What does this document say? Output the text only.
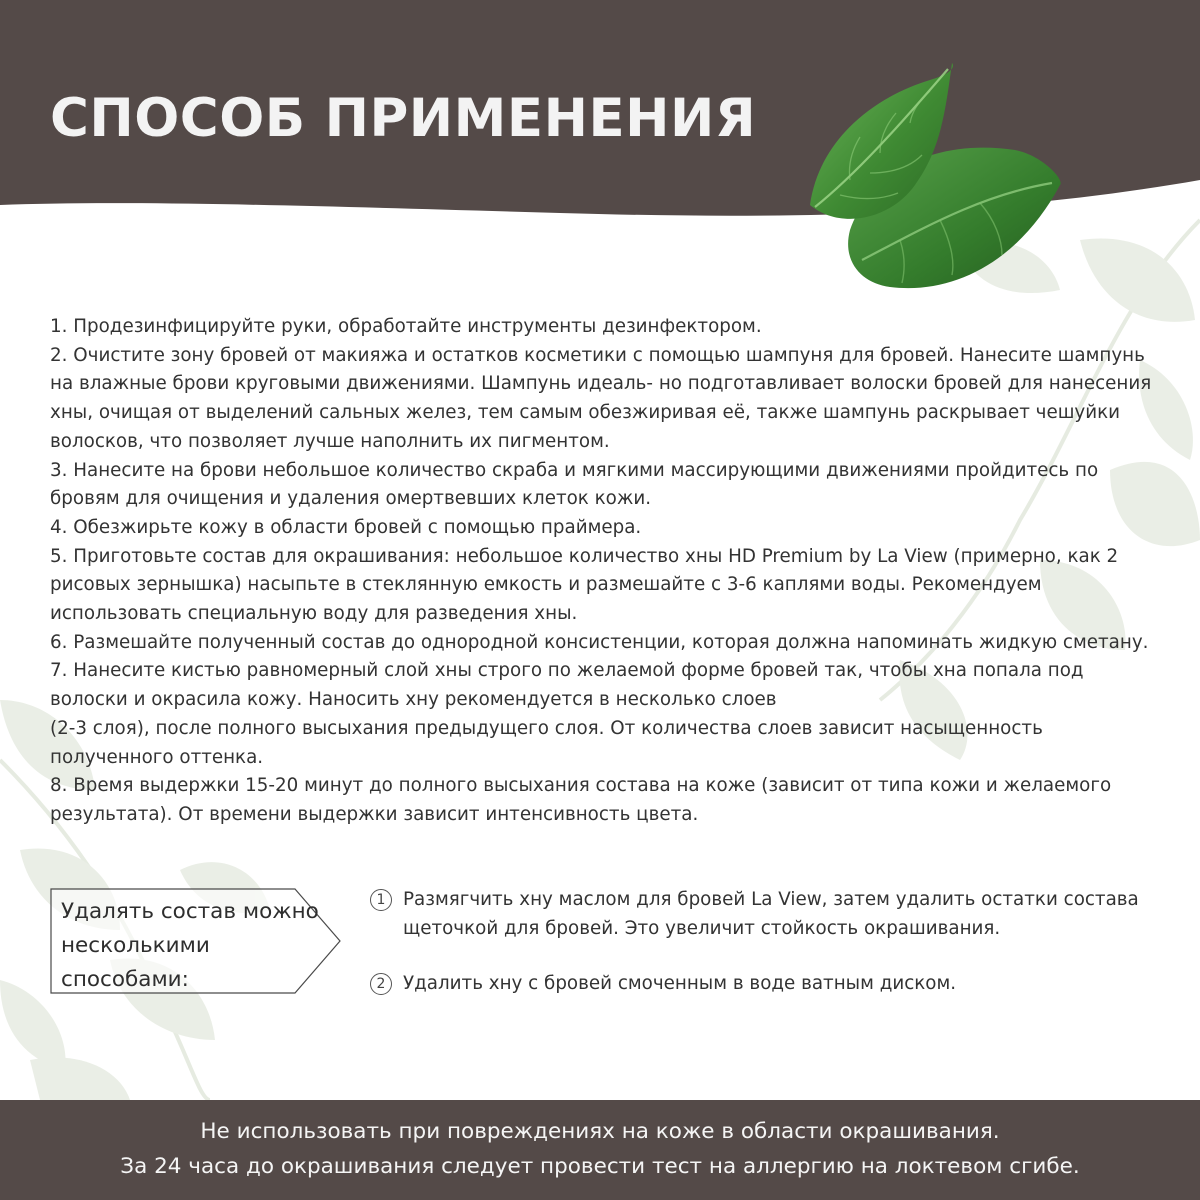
СПОСОБ ПРИМЕНЕНИЯ

1. Продезинфицируйте руки, обработайте инструменты дезинфектором.

2. Очистите зону бровей от макияжа и остатков косметики с помощью шампуня для бровей. Нанесите шампунь на влажные брови круговыми движениями. Шампунь идеаль- но подготавливает волоски бровей для нанесения хны, очищая от выделений сальных желез, тем самым обезжиривая её, также шампунь раскрывает чешуйки волосков, что позволяет лучше наполнить их пигментом.

3. Нанесите на брови небольшое количество скраба и мягкими массирующими движениями пройдитесь по бровям для очищения и удаления омертвевших клеток кожи.

4. Обезжирьте кожу в области бровей с помощью праймера.

5. Приготовьте состав для окрашивания: небольшое количество хны HD Premium by La View (примерно, как 2 рисовых зернышка) насыпьте в стеклянную емкость и размешайте с 3-6 каплями воды. Рекомендуем использовать специальную воду для разведения хны.

6. Размешайте полученный состав до однородной консистенции, которая должна напоминать жидкую сметану.

7. Нанесите кистью равномерный слой хны строго по желаемой форме бровей так, чтобы хна попала под волоски и окрасила кожу. Наносить хну рекомендуется в несколько слоев
(2-3 слоя), после полного высыхания предыдущего слоя. От количества слоев зависит насыщенность полученного оттенка.

8. Время выдержки 15-20 минут до полного высыхания состава на коже (зависит от типа кожи и желаемого результата). От времени выдержки зависит интенсивность цвета.

Удалять состав можно несколькими способами:
1 Размягчить хну маслом для бровей La View, затем удалить остатки состава щеточкой для бровей. Это увеличит стойкость окрашивания.
2 Удалить хну с бровей смоченным в воде ватным диском.
Не использовать при повреждениях на коже в области окрашивания.
За 24 часа до окрашивания следует провести тест на аллергию на локтевом сгибе.
